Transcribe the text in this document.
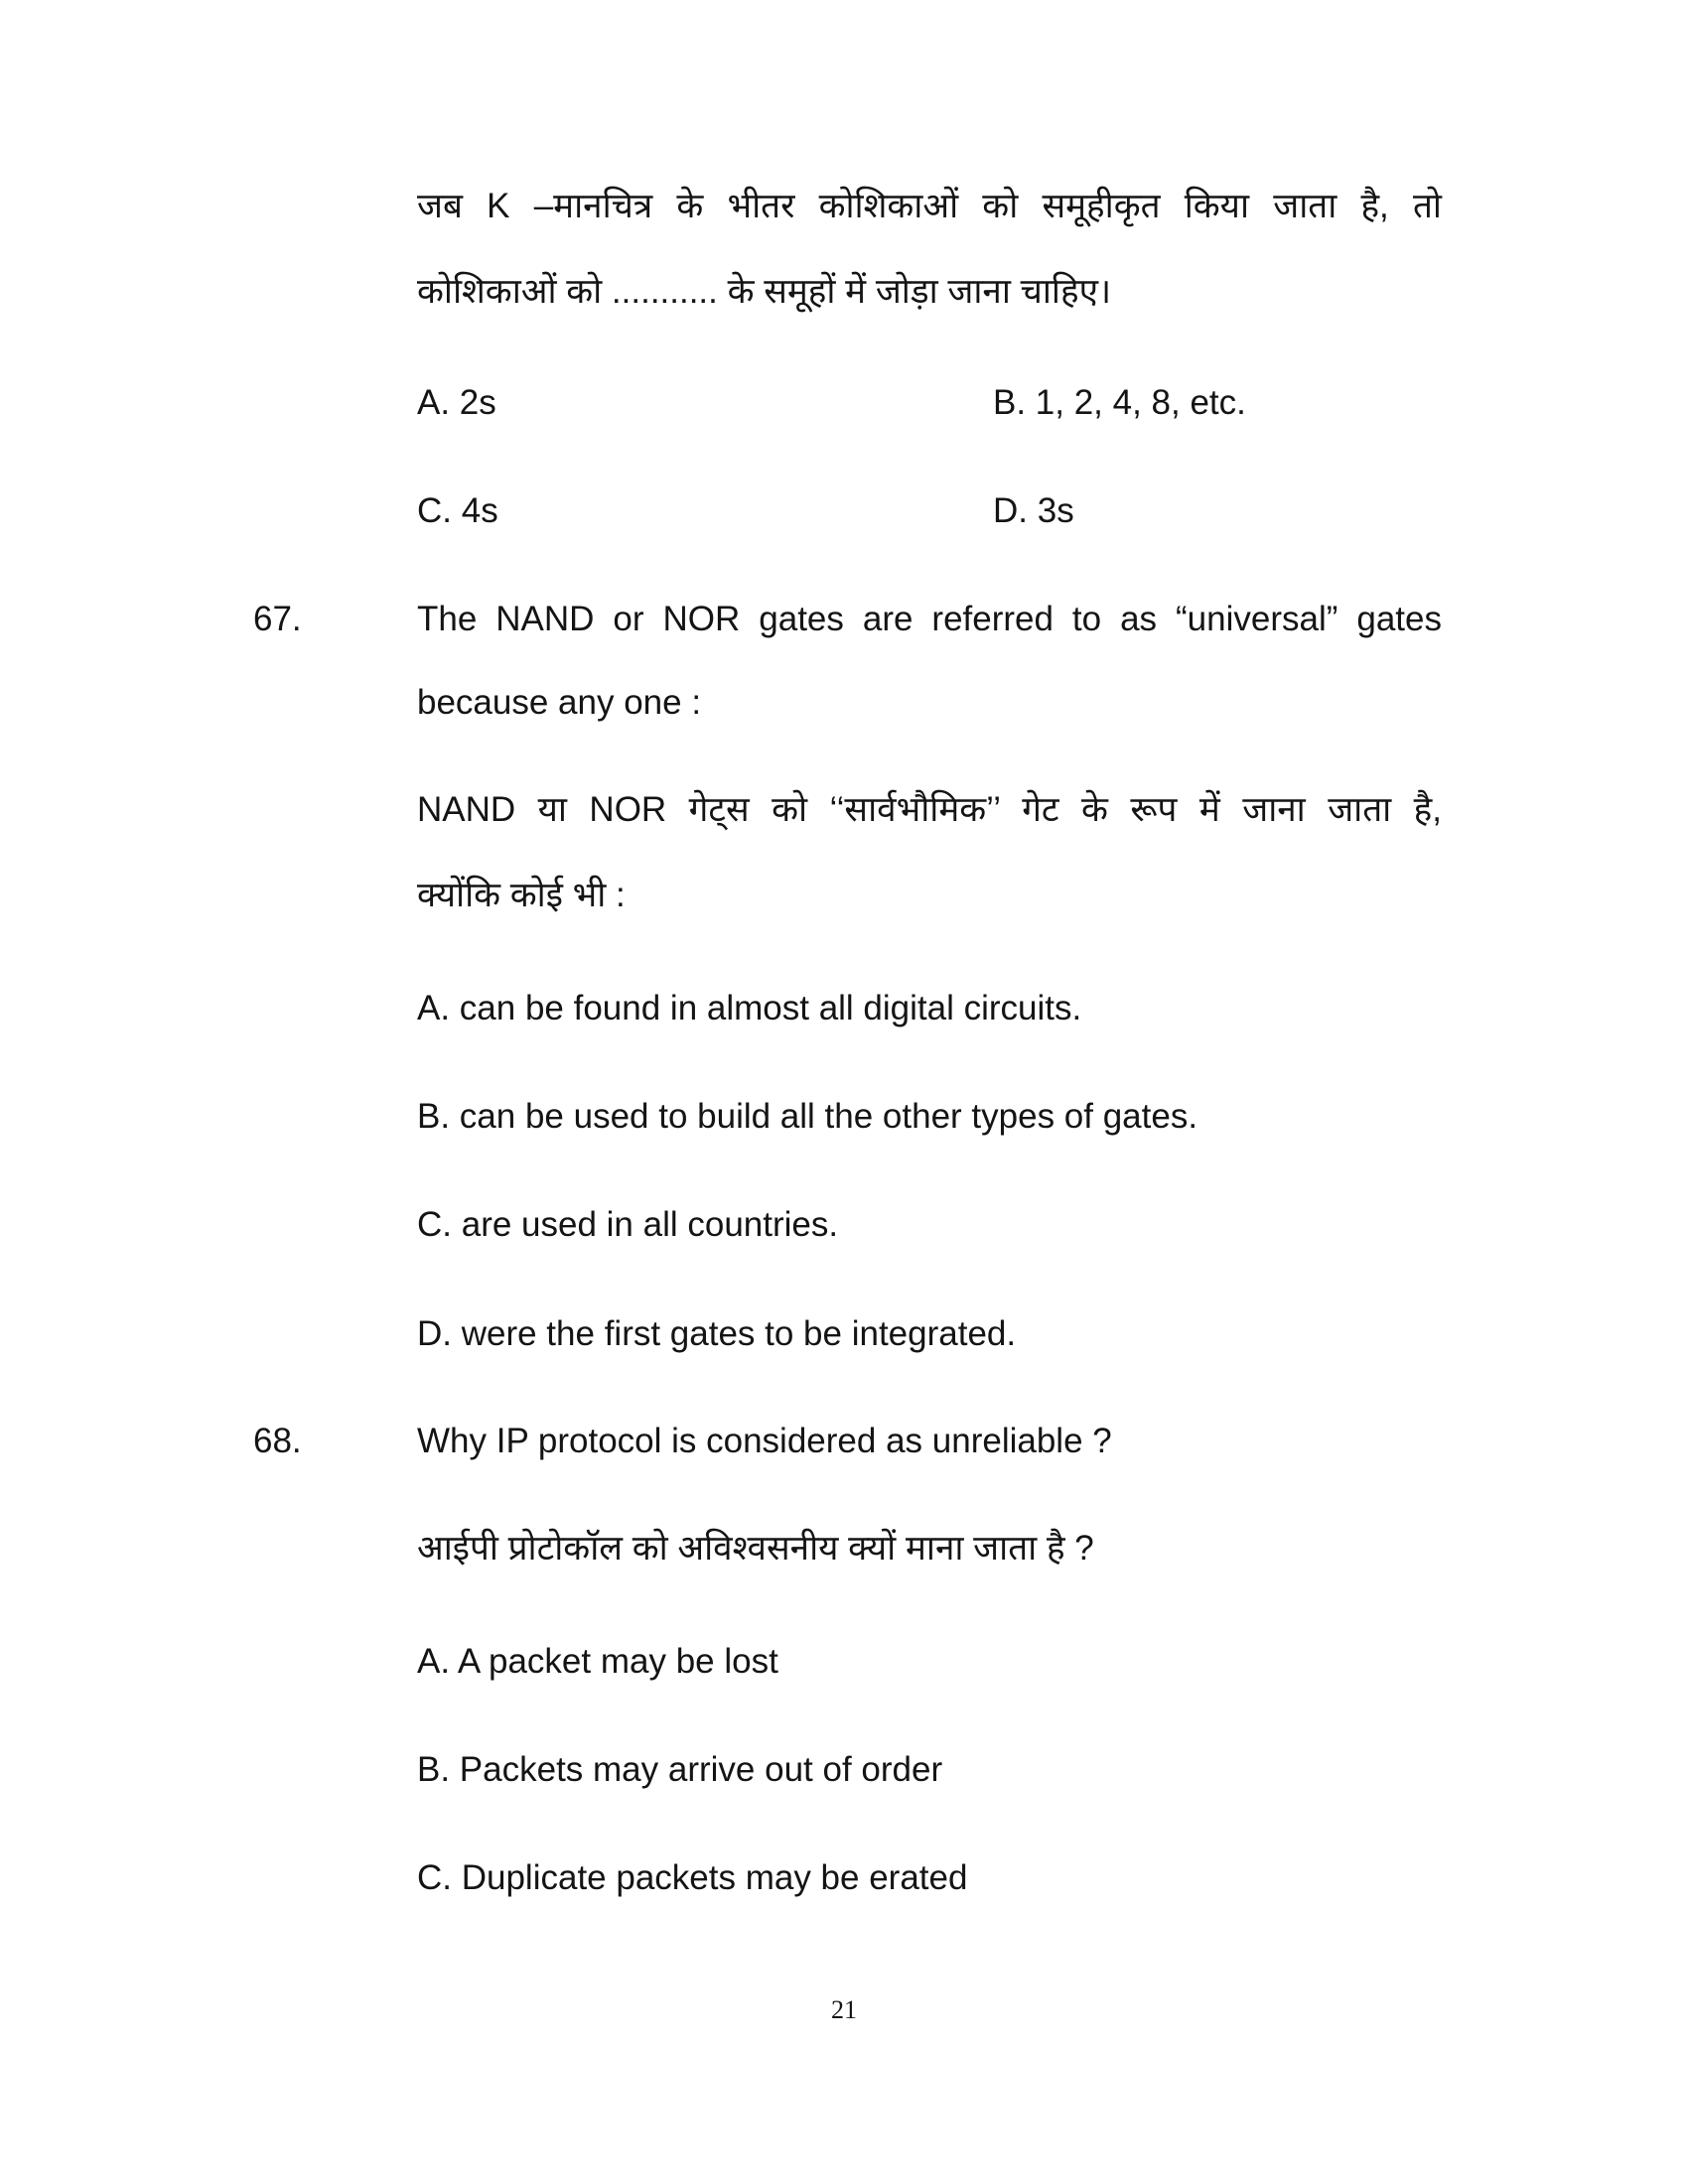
जब K –मानचित्र के भीतर कोशिकाओं को समूहीकृत किया जाता है, तो
कोशिकाओं को ........... के समूहों में जोड़ा जाना चाहिए।
A. 2s	B. 1, 2, 4, 8, etc.
C. 4s	D. 3s
67.	The NAND or NOR gates are referred to as “universal” gates
because any one :
NAND या NOR गेट्स को ‘‘सार्वभौमिक’’ गेट के रूप में जाना जाता है,
क्योंकि कोई भी :
A. can be found in almost all digital circuits.
B. can be used to build all the other types of gates.
C. are used in all countries.
D. were the first gates to be integrated.
68.	Why IP protocol is considered as unreliable ?
आईपी प्रोटोकॉल को अविश्वसनीय क्यों माना जाता है ?
A. A packet may be lost
B. Packets may arrive out of order
C. Duplicate packets may be erated
21
